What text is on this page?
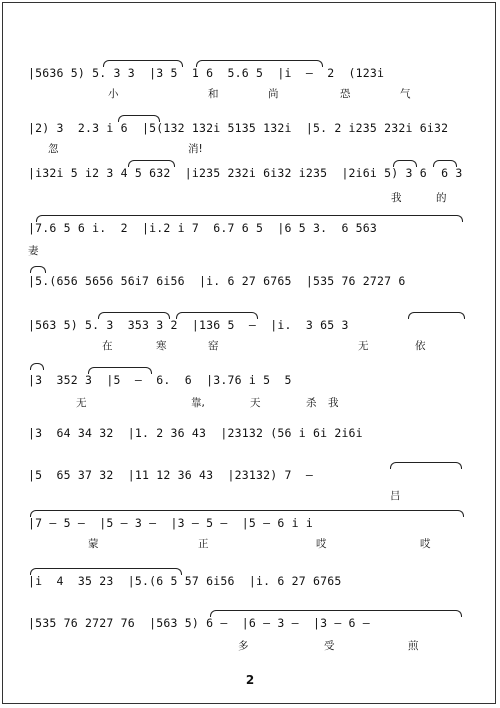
|5636 5) 5. 3 3  |3 5  1 6  5.6 5  |i  –  2  (123i
小	和	尚	恐	气
|2) 3  2.3 i 6  |5(132 132i 5135 132i  |5. 2 i235 232i 6i32
忽	消!
|i32i 5 i2 3 4 5 632  |i235 232i 6i32 i235  |2i6i 5) 3 6  6 3
我	的
|7.6 5 6 i.  2  |i.2 i 7  6.7 6 5  |6 5 3.  6 563
妻
|5.(656 5656 56i7 6i56  |i. 6 27 6765  |535 76 2727 6
|563 5) 5. 3  353 3 2  |136 5  –  |i.  3 65 3
在	寒	窑	无	依
|3  352 3  |5  –  6.  6  |3.76 i 5  5
无	靠,	天	杀 我
|3  64 34 32  |1. 2 36 43  |23132 (56 i 6i 2i6i
|5  65 37 32  |11 12 36 43  |23132) 7  –
吕
|7 – 5 –  |5 – 3 –  |3 – 5 –  |5 – 6 i i
蒙	正	哎	哎
|i  4  35 23  |5.(6 5 57 6i56  |i. 6 27 6765
|535 76 2727 76  |563 5) 6 –  |6 – 3 –  |3 – 6 –
多	受	煎
2
